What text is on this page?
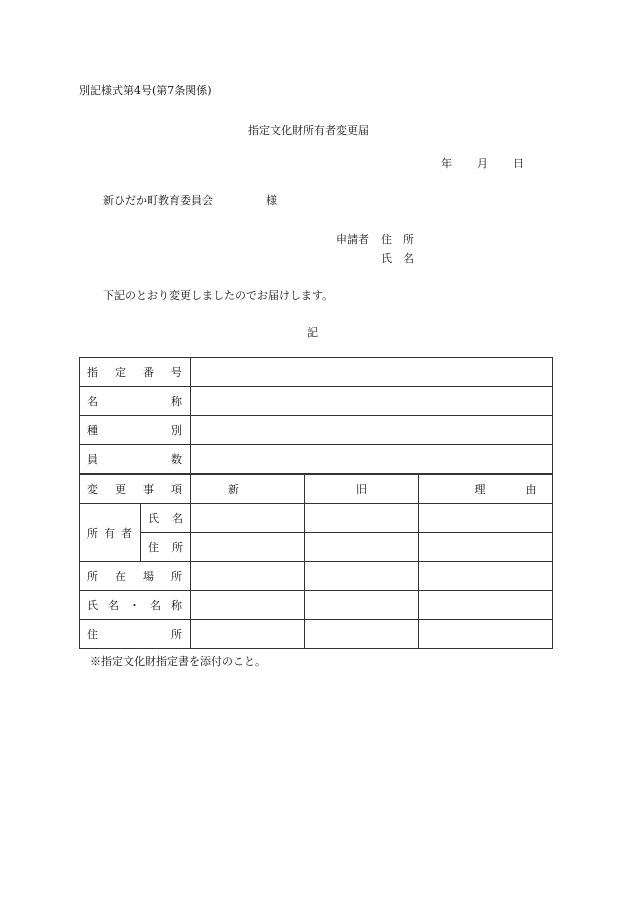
別記様式第4号(第7条関係)
指定文化財所有者変更届
年 月 日
新ひだか町教育委員会	様
申請者 住　所
氏　名
下記のとおり変更しましたのでお届けします。
記
指 定 番 号				

名 称				

種 別				

員 数				

変 更 事 項		新	旧	理 由

所 有 者	氏 名			

	住 所			

所 在 場 所				

氏 名 ・ 名 称				

住 所				

※指定文化財指定書を添付のこと。
